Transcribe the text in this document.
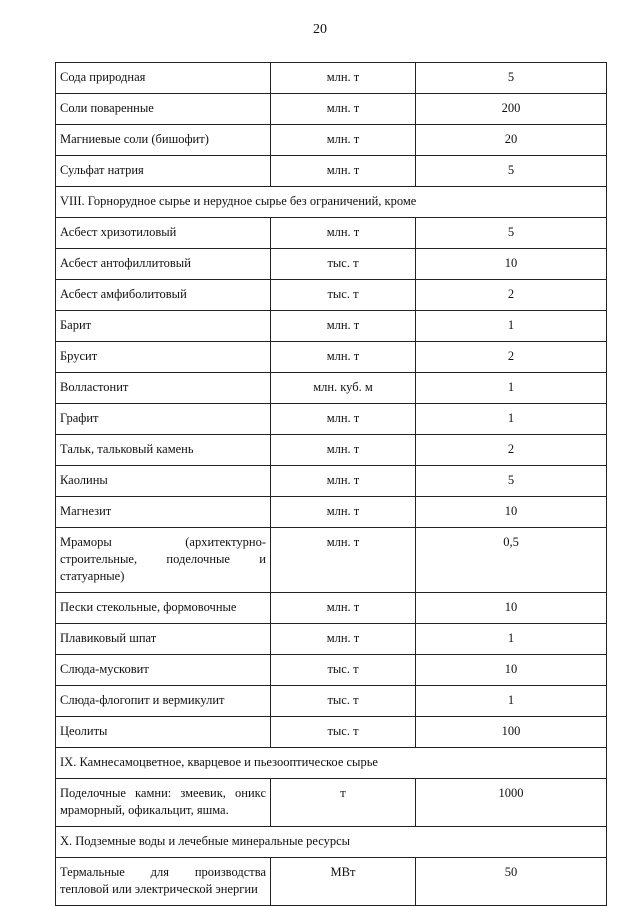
20
Сода природная	млн. т	5
Соли поваренные	млн. т	200
Магниевые соли (бишофит)	млн. т	20
Сульфат натрия	млн. т	5
VIII. Горнорудное сырье и нерудное сырье без ограничений, кроме		
Асбест хризотиловый	млн. т	5
Асбест антофиллитовый	тыс. т	10
Асбест амфиболитовый	тыс. т	2
Барит	млн. т	1
Брусит	млн. т	2
Волластонит	млн. куб. м	1
Графит	млн. т	1
Тальк, тальковый камень	млн. т	2
Каолины	млн. т	5
Магнезит	млн. т	10
Мраморы (архитектурно-строительные, поделочные и статуарные)	млн. т	0,5
Пески стекольные, формовочные	млн. т	10
Плавиковый шпат	млн. т	1
Слюда-мусковит	тыс. т	10
Слюда-флогопит и вермикулит	тыс. т	1
Цеолиты	тыс. т	100
IX. Камнесамоцветное, кварцевое и пьезооптическое сырье		
Поделочные камни: змеевик, оникс мраморный, офикальцит, яшма.	т	1000
X. Подземные воды и лечебные минеральные ресурсы		
Термальные для производства тепловой или электрической энергии	МВт	50
